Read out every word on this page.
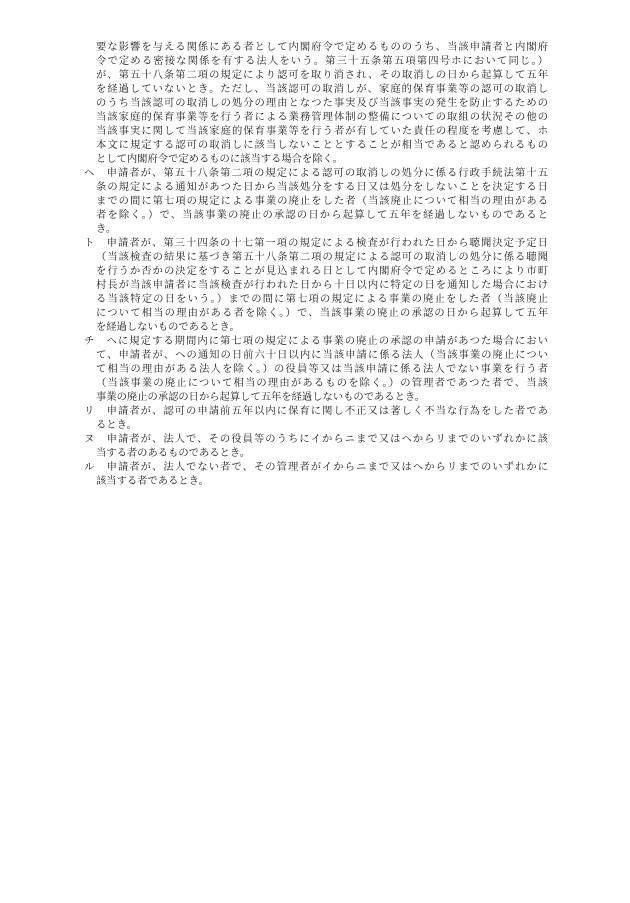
要な影響を与える関係にある者として内閣府令で定めるもののうち、当該申請者と内閣府
令で定める密接な関係を有する法人をいう。第三十五条第五項第四号ホにおいて同じ。）
が、第五十八条第二項の規定により認可を取り消され、その取消しの日から起算して五年
を経過していないとき。ただし、当該認可の取消しが、家庭的保育事業等の認可の取消し
のうち当該認可の取消しの処分の理由となつた事実及び当該事実の発生を防止するための
当該家庭的保育事業等を行う者による業務管理体制の整備についての取組の状況その他の
当該事実に関して当該家庭的保育事業等を行う者が有していた責任の程度を考慮して、ホ
本文に規定する認可の取消しに該当しないこととすることが相当であると認められるもの
として内閣府令で定めるものに該当する場合を除く。
ヘ	申請者が、第五十八条第二項の規定による認可の取消しの処分に係る行政手続法第十五
条の規定による通知があつた日から当該処分をする日又は処分をしないことを決定する日
までの間に第七項の規定による事業の廃止をした者（当該廃止について相当の理由がある
者を除く。）で、当該事業の廃止の承認の日から起算して五年を経過しないものであると
き。
ト	申請者が、第三十四条の十七第一項の規定による検査が行われた日から聴聞決定予定日
（当該検査の結果に基づき第五十八条第二項の規定による認可の取消しの処分に係る聴聞
を行うか否かの決定をすることが見込まれる日として内閣府令で定めるところにより市町
村長が当該申請者に当該検査が行われた日から十日以内に特定の日を通知した場合におけ
る当該特定の日をいう。）までの間に第七項の規定による事業の廃止をした者（当該廃止
について相当の理由がある者を除く。）で、当該事業の廃止の承認の日から起算して五年
を経過しないものであるとき。
チ	ヘに規定する期間内に第七項の規定による事業の廃止の承認の申請があつた場合におい
て、申請者が、ヘの通知の日前六十日以内に当該申請に係る法人（当該事業の廃止につい
て相当の理由がある法人を除く。）の役員等又は当該申請に係る法人でない事業を行う者
（当該事業の廃止について相当の理由があるものを除く。）の管理者であつた者で、当該
事業の廃止の承認の日から起算して五年を経過しないものであるとき。
リ	申請者が、認可の申請前五年以内に保育に関し不正又は著しく不当な行為をした者であ
るとき。
ヌ	申請者が、法人で、その役員等のうちにイからニまで又はヘからリまでのいずれかに該
当する者のあるものであるとき。
ル	申請者が、法人でない者で、その管理者がイからニまで又はヘからリまでのいずれかに
該当する者であるとき。
